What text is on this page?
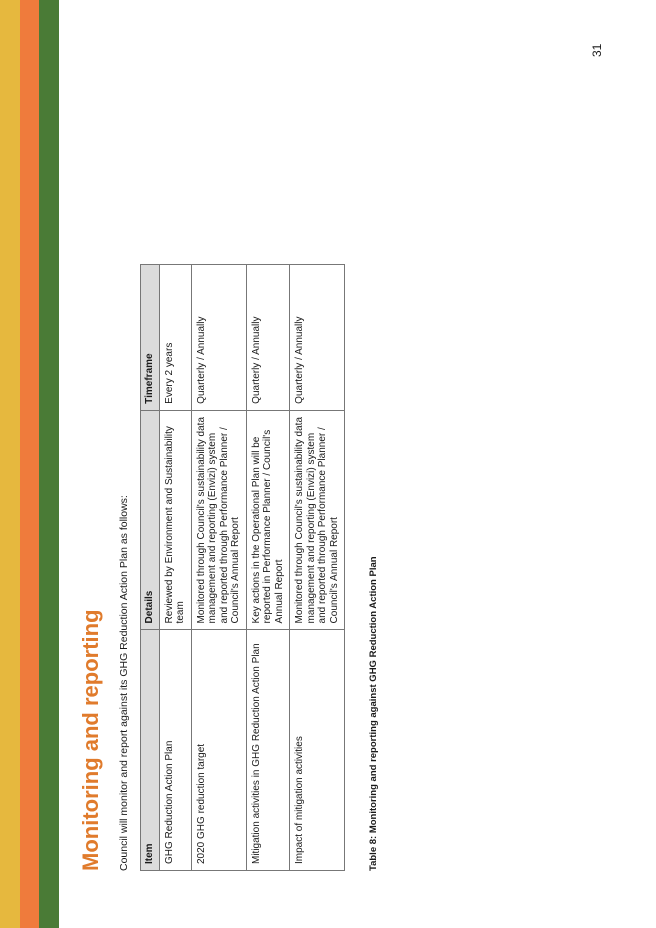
Monitoring and reporting Council will monitor and report against its GHG Reduction Action Plan as follows: Item	Details	Timeframe
GHG Reduction Action Plan	Reviewed by Environment and Sustainability team	Every 2 years
2020 GHG reduction target	Monitored through Council's sustainability data management and reporting (Envizi) system and reported through Performance Planner / Council's Annual Report	Quarterly / Annually
Mitigation activities in GHG Reduction Action Plan	Key actions in the Operational Plan will be reported in Performance Planner / Council's Annual Report	Quarterly / Annually
Impact of mitigation activities	Monitored through Council's sustainability data management and reporting (Envizi) system and reported through Performance Planner / Council's Annual Report	Quarterly / Annually
Table 8: Monitoring and reporting against GHG Reduction Action Plan
31
